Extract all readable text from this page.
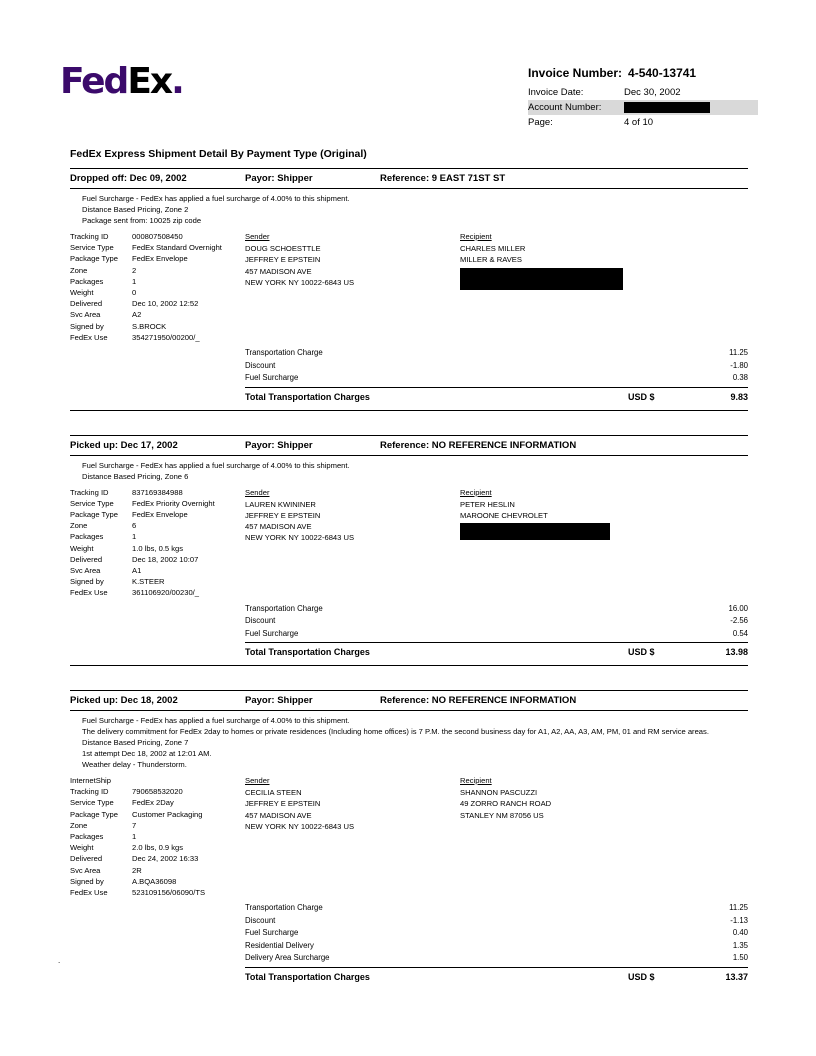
FedEx.	Invoice Number: 4-540-13741
Invoice Date:	Dec 30, 2002
Account Number:
Page:	4 of 10
FedEx Express Shipment Detail By Payment Type (Original)
Dropped off: Dec 09, 2002	Payor: Shipper	Reference: 9 EAST 71ST ST
Fuel Surcharge - FedEx has applied a fuel surcharge of 4.00% to this shipment.
Distance Based Pricing, Zone 2
Package sent from: 10025 zip code
Tracking ID	000807508450
Service Type	FedEx Standard Overnight
Package Type	FedEx Envelope
Zone	2
Packages	1
Weight	0
Delivered	Dec 10, 2002 12:52
Svc Area	A2
Signed by	S.BROCK
FedEx Use	354271950/00200/_
Sender
DOUG SCHOESTTLE
JEFFREY E EPSTEIN
457 MADISON AVE
NEW YORK NY 10022-6843 US
Recipient
CHARLES MILLER
MILLER & RAVES
Transportation Charge	11.25
Discount	-1.80
Fuel Surcharge	0.38
Total Transportation Charges	USD $	9.83
Picked up: Dec 17, 2002	Payor: Shipper	Reference: NO REFERENCE INFORMATION
Fuel Surcharge - FedEx has applied a fuel surcharge of 4.00% to this shipment.
Distance Based Pricing, Zone 6
Tracking ID	837169384988
Service Type	FedEx Priority Overnight
Package Type	FedEx Envelope
Zone	6
Packages	1
Weight	1.0 lbs, 0.5 kgs
Delivered	Dec 18, 2002 10:07
Svc Area	A1
Signed by	K.STEER
FedEx Use	361106920/00230/_
Sender
LAUREN KWININER
JEFFREY E EPSTEIN
457 MADISON AVE
NEW YORK NY 10022-6843 US
Recipient
PETER HESLIN
MAROONE CHEVROLET
Transportation Charge	16.00
Discount	-2.56
Fuel Surcharge	0.54
Total Transportation Charges	USD $	13.98
Picked up: Dec 18, 2002	Payor: Shipper	Reference: NO REFERENCE INFORMATION
Fuel Surcharge - FedEx has applied a fuel surcharge of 4.00% to this shipment.
The delivery commitment for FedEx 2day to homes or private residences (Including home offices) is 7 P.M. the second business day for A1, A2, AA, A3, AM, PM, 01 and RM service areas.
Distance Based Pricing, Zone 7
1st attempt Dec 18, 2002 at 12:01 AM.
Weather delay - Thunderstorm.
InternetShip
Tracking ID	790658532020
Service Type	FedEx 2Day
Package Type	Customer Packaging
Zone	7
Packages	1
Weight	2.0 lbs, 0.9 kgs
Delivered	Dec 24, 2002 16:33
Svc Area	2R
Signed by	A.BQA36098
FedEx Use	523109156/06090/TS
Sender
CECILIA STEEN
JEFFREY E EPSTEIN
457 MADISON AVE
NEW YORK NY 10022-6843 US
Recipient
SHANNON PASCUZZI
49 ZORRO RANCH ROAD
STANLEY NM 87056 US
Transportation Charge	11.25
Discount	-1.13
Fuel Surcharge	0.40
Residential Delivery	1.35
Delivery Area Surcharge	1.50
Total Transportation Charges	USD $	13.37
.
